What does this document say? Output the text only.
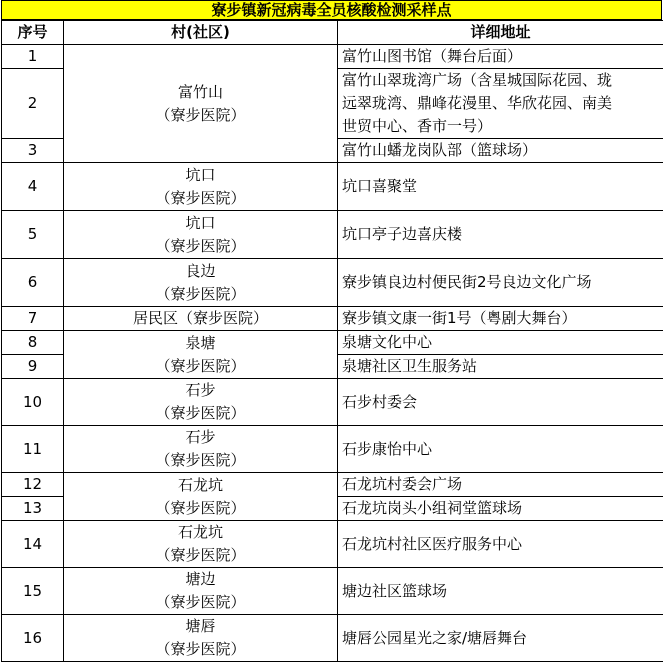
寮步镇新冠病毒全员核酸检测采样点
序号	村(社区)	详细地址
1	富竹山
（寮步医院）	富竹山图书馆（舞台后面）

2		富竹山翠珑湾广场（含星城国际花园、珑
远翠珑湾、鼎峰花漫里、华欣花园、南美
世贸中心、香市一号）

3		富竹山蟠龙岗队部（篮球场）

4	坑口
（寮步医院）	坑口喜聚堂

5	坑口
（寮步医院）	坑口亭子边喜庆楼

6	良边
（寮步医院）	寮步镇良边村便民街2号良边文化广场

7	居民区（寮步医院）	寮步镇文康一街1号（粤剧大舞台）

8	泉塘
（寮步医院）	泉塘文化中心

9		泉塘社区卫生服务站

10	石步
（寮步医院）	石步村委会

11	石步
（寮步医院）	石步康怡中心

12	石龙坑
（寮步医院）	石龙坑村委会广场

13		石龙坑岗头小组祠堂篮球场

14	石龙坑
（寮步医院）	石龙坑村社区医疗服务中心

15	塘边
（寮步医院）	塘边社区篮球场

16	塘唇
（寮步医院）	塘唇公园星光之家/塘唇舞台
